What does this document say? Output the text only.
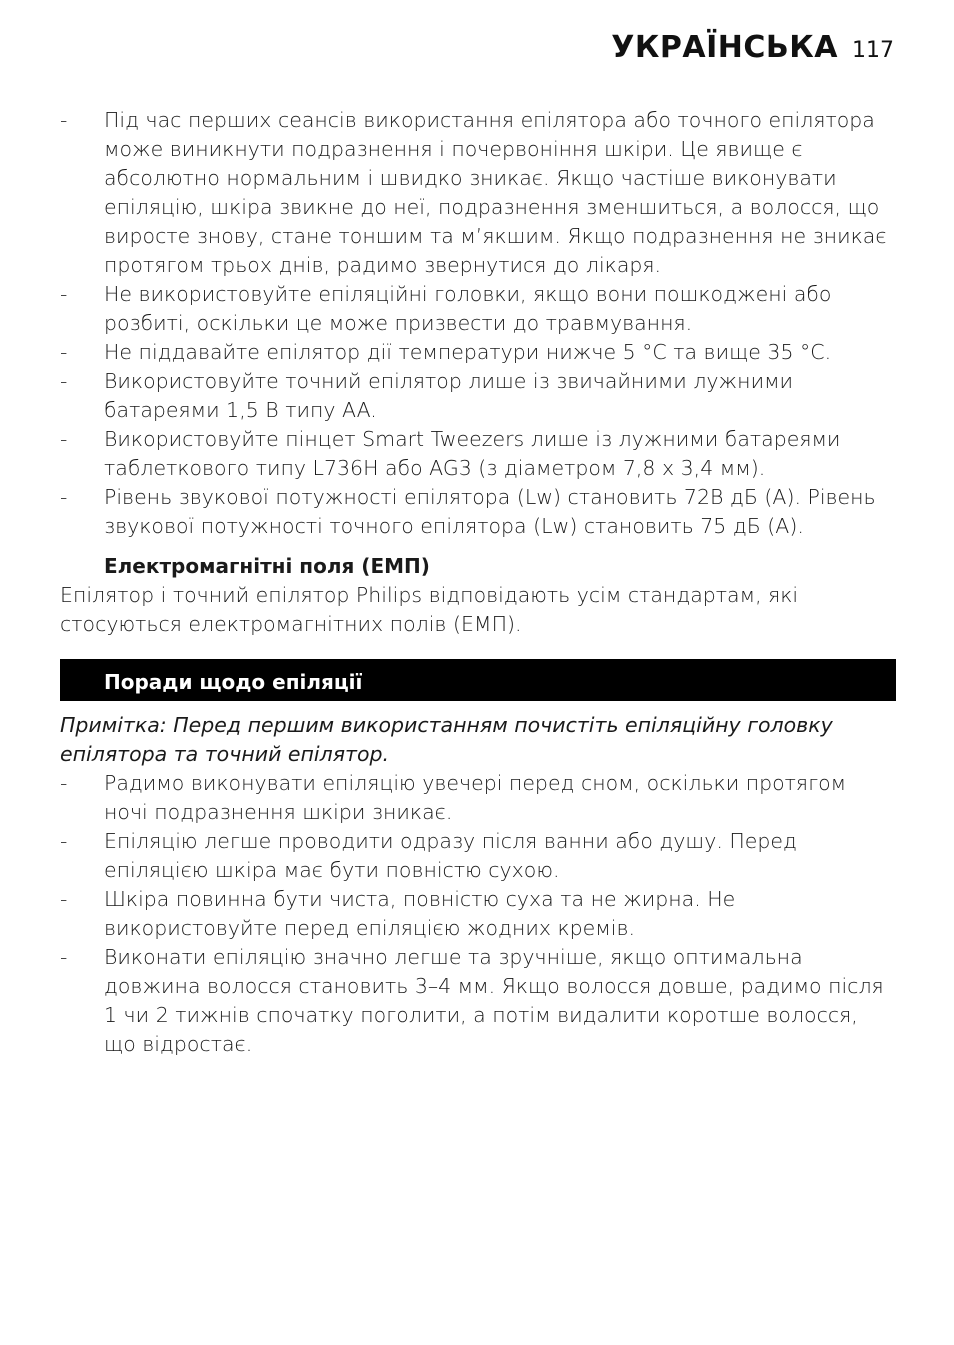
УКРАЇНСЬКА 117
- Під час перших сеансів використання епілятора або точного епілятора може виникнути подразнення і почервоніння шкіри. Це явище є абсолютно нормальним і швидко зникає. Якщо частіше виконувати епіляцію, шкіра звикне до неї, подразнення зменшиться, а волосся, що виросте знову, стане тоншим та м’якшим. Якщо подразнення не зникає протягом трьох днів, радимо звернутися до лікаря.
- Не використовуйте епіляційні головки, якщо вони пошкоджені або розбиті, оскільки це може призвести до травмування.
- Не піддавайте епілятор дії температури нижче 5 °C та вище 35 °C.
- Використовуйте точний епілятор лише із звичайними лужними батареями 1,5 В типу AA.
- Використовуйте пінцет Smart Tweezers лише із лужними батареями таблеткового типу L736H або AG3 (з діаметром 7,8 x 3,4 мм).
- Рівень звукової потужності епілятора (Lw) становить 72B дБ (A). Рівень звукової потужності точного епілятора (Lw) становить 75 дБ (A).
Електромагнітні поля (ЕМП)

Епілятор і точний епілятор Philips відповідають усім стандартам, які стосуються електромагнітних полів (ЕМП).

Поради щодо епіляції

Примітка: Перед першим використанням почистіть епіляційну головку епілятора та точний епілятор.

- Радимо виконувати епіляцію увечері перед сном, оскільки протягом ночі подразнення шкіри зникає.
- Епіляцію легше проводити одразу після ванни або душу. Перед епіляцією шкіра має бути повністю сухою.
- Шкіра повинна бути чиста, повністю суха та не жирна. Не використовуйте перед епіляцією жодних кремів.
- Виконати епіляцію значно легше та зручніше, якщо оптимальна довжина волосся становить 3–4 мм. Якщо волосся довше, радимо після 1 чи 2 тижнів спочатку поголити, а потім видалити коротше волосся, що відростає.
